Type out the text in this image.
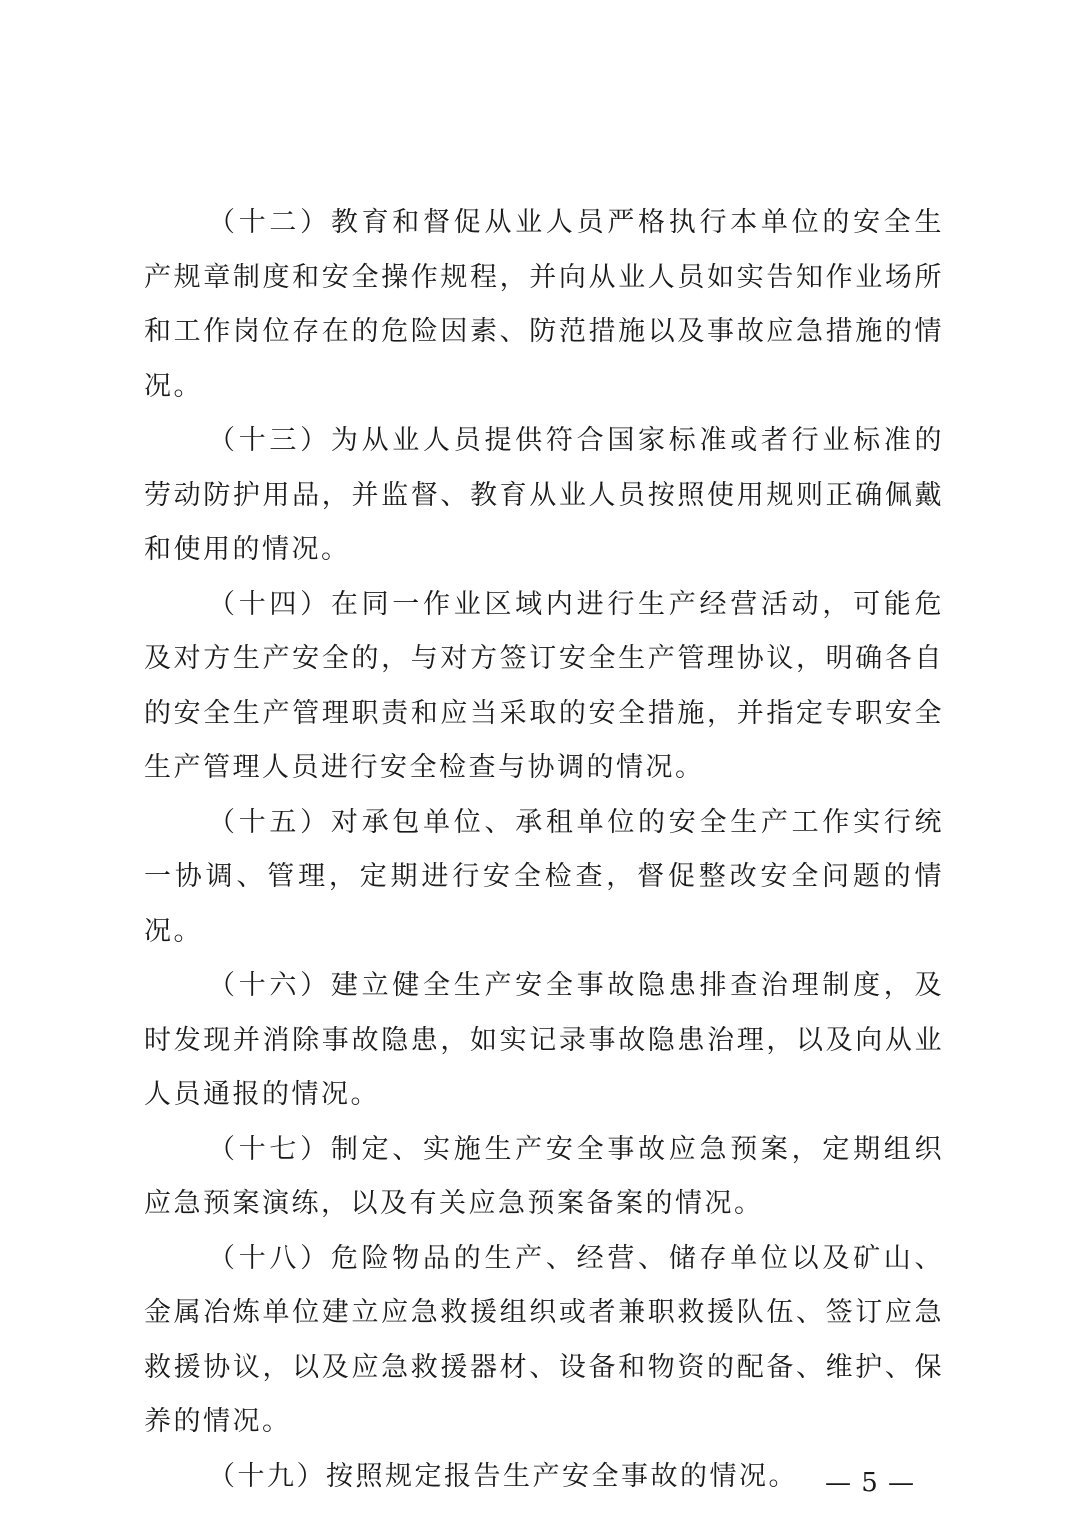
（十二）教育和督促从业人员严格执行本单位的安全生产规章制度和安全操作规程，并向从业人员如实告知作业场所和工作岗位存在的危险因素、防范措施以及事故应急措施的情况。

（十三）为从业人员提供符合国家标准或者行业标准的劳动防护用品，并监督、教育从业人员按照使用规则正确佩戴和使用的情况。

（十四）在同一作业区域内进行生产经营活动，可能危及对方生产安全的，与对方签订安全生产管理协议，明确各自的安全生产管理职责和应当采取的安全措施，并指定专职安全生产管理人员进行安全检查与协调的情况。

（十五）对承包单位、承租单位的安全生产工作实行统一协调、管理，定期进行安全检查，督促整改安全问题的情况。

（十六）建立健全生产安全事故隐患排查治理制度，及时发现并消除事故隐患，如实记录事故隐患治理，以及向从业人员通报的情况。

（十七）制定、实施生产安全事故应急预案，定期组织应急预案演练，以及有关应急预案备案的情况。

（十八）危险物品的生产、经营、储存单位以及矿山、金属冶炼单位建立应急救援组织或者兼职救援队伍、签订应急救援协议，以及应急救援器材、设备和物资的配备、维护、保养的情况。

（十九）按照规定报告生产安全事故的情况。	— 5 —
